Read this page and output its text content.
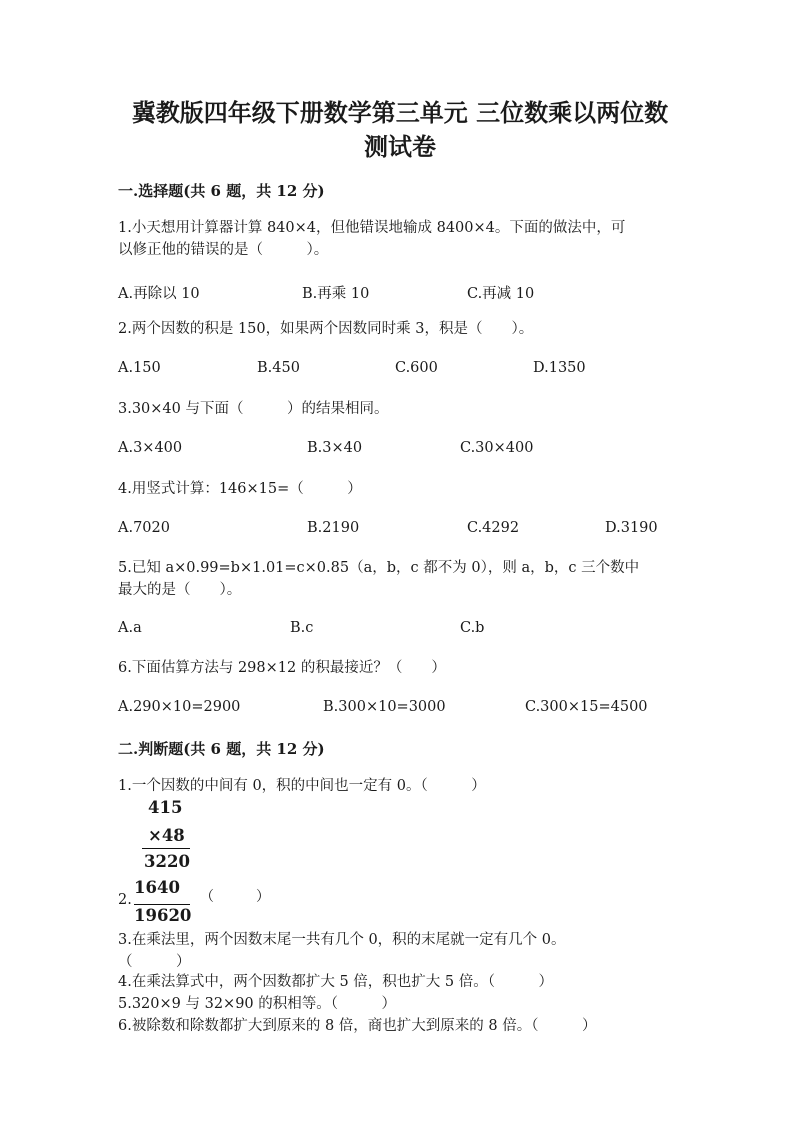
冀教版四年级下册数学第三单元 三位数乘以两位数
测试卷
一.选择题(共 6 题，共 12 分)
1.小天想用计算器计算 840×4，但他错误地输成 8400×4。下面的做法中，可
以修正他的错误的是（　　　）。
A.再除以 10	B.再乘 10	C.再减 10
2.两个因数的积是 150，如果两个因数同时乘 3，积是（　　）。
A.150	B.450	C.600	D.1350
3.30×40 与下面（　　　）的结果相同。
A.3×400	B.3×40	C.30×400
4.用竖式计算：146×15=（　　　）
A.7020	B.2190	C.4292	D.3190
5.已知 a×0.99=b×1.01=c×0.85（a，b，c 都不为 0），则 a，b，c 三个数中
最大的是（　　）。
A.a	B.c	C.b
6.下面估算方法与 298×12 的积最接近？（　　）
A.290×10=2900	B.300×10=3000	C.300×15=4500
二.判断题(共 6 题，共 12 分)
1.一个因数的中间有 0，积的中间也一定有 0。（　　　）
415
×48
3220
1640
19620
2.	（　　　）
3.在乘法里，两个因数末尾一共有几个 0，积的末尾就一定有几个 0。
（　　　）
4.在乘法算式中，两个因数都扩大 5 倍，积也扩大 5 倍。（　　　）
5.320×9 与 32×90 的积相等。（　　　）
6.被除数和除数都扩大到原来的 8 倍，商也扩大到原来的 8 倍。（　　　）
